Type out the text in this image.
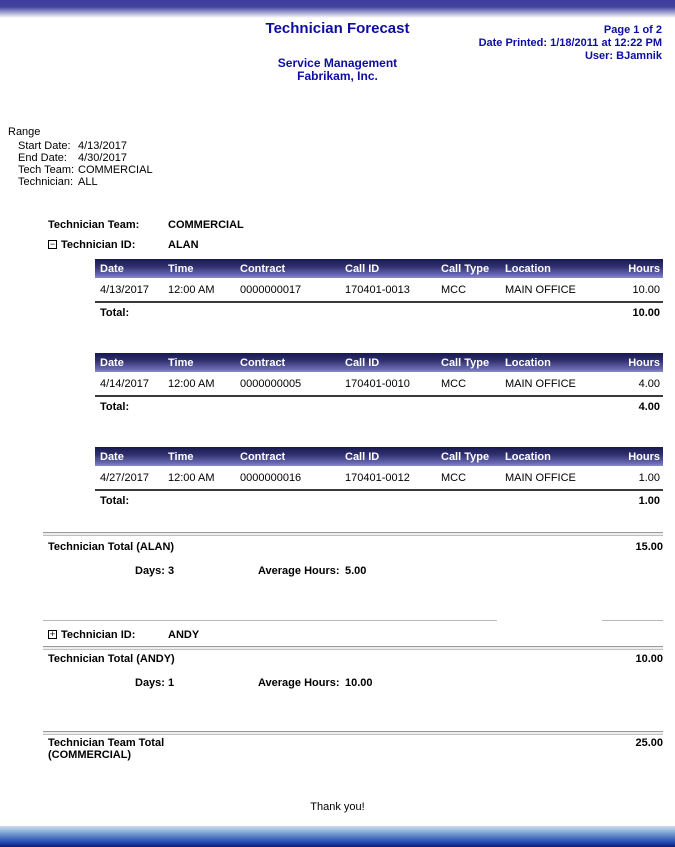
Technician Forecast	Page 1 of 2
Date Printed: 1/18/2011 at 12:22 PM
User: BJamnik
Service Management
Fabrikam, Inc.
Range
Start Date: 4/13/2017
End Date: 4/30/2017
Tech Team: COMMERCIAL
Technician: ALL
Technician Team:	COMMERCIAL
− Technician ID:	ALAN
Date	Time	Contract	Call ID	Call Type	Location	Hours
4/13/2017	12:00 AM	0000000017	170401-0013	MCC	MAIN OFFICE	10.00
Total:	10.00
Date	Time	Contract	Call ID	Call Type	Location	Hours
4/14/2017	12:00 AM	0000000005	170401-0010	MCC	MAIN OFFICE	4.00
Total:	4.00
Date	Time	Contract	Call ID	Call Type	Location	Hours
4/27/2017	12:00 AM	0000000016	170401-0012	MCC	MAIN OFFICE	1.00
Total:	1.00
Technician Total (ALAN)	15.00
Days: 3	Average Hours: 5.00
+ Technician ID:	ANDY
Technician Total (ANDY)	10.00
Days: 1	Average Hours: 10.00
Technician Team Total
(COMMERCIAL)
25.00
Thank you!
